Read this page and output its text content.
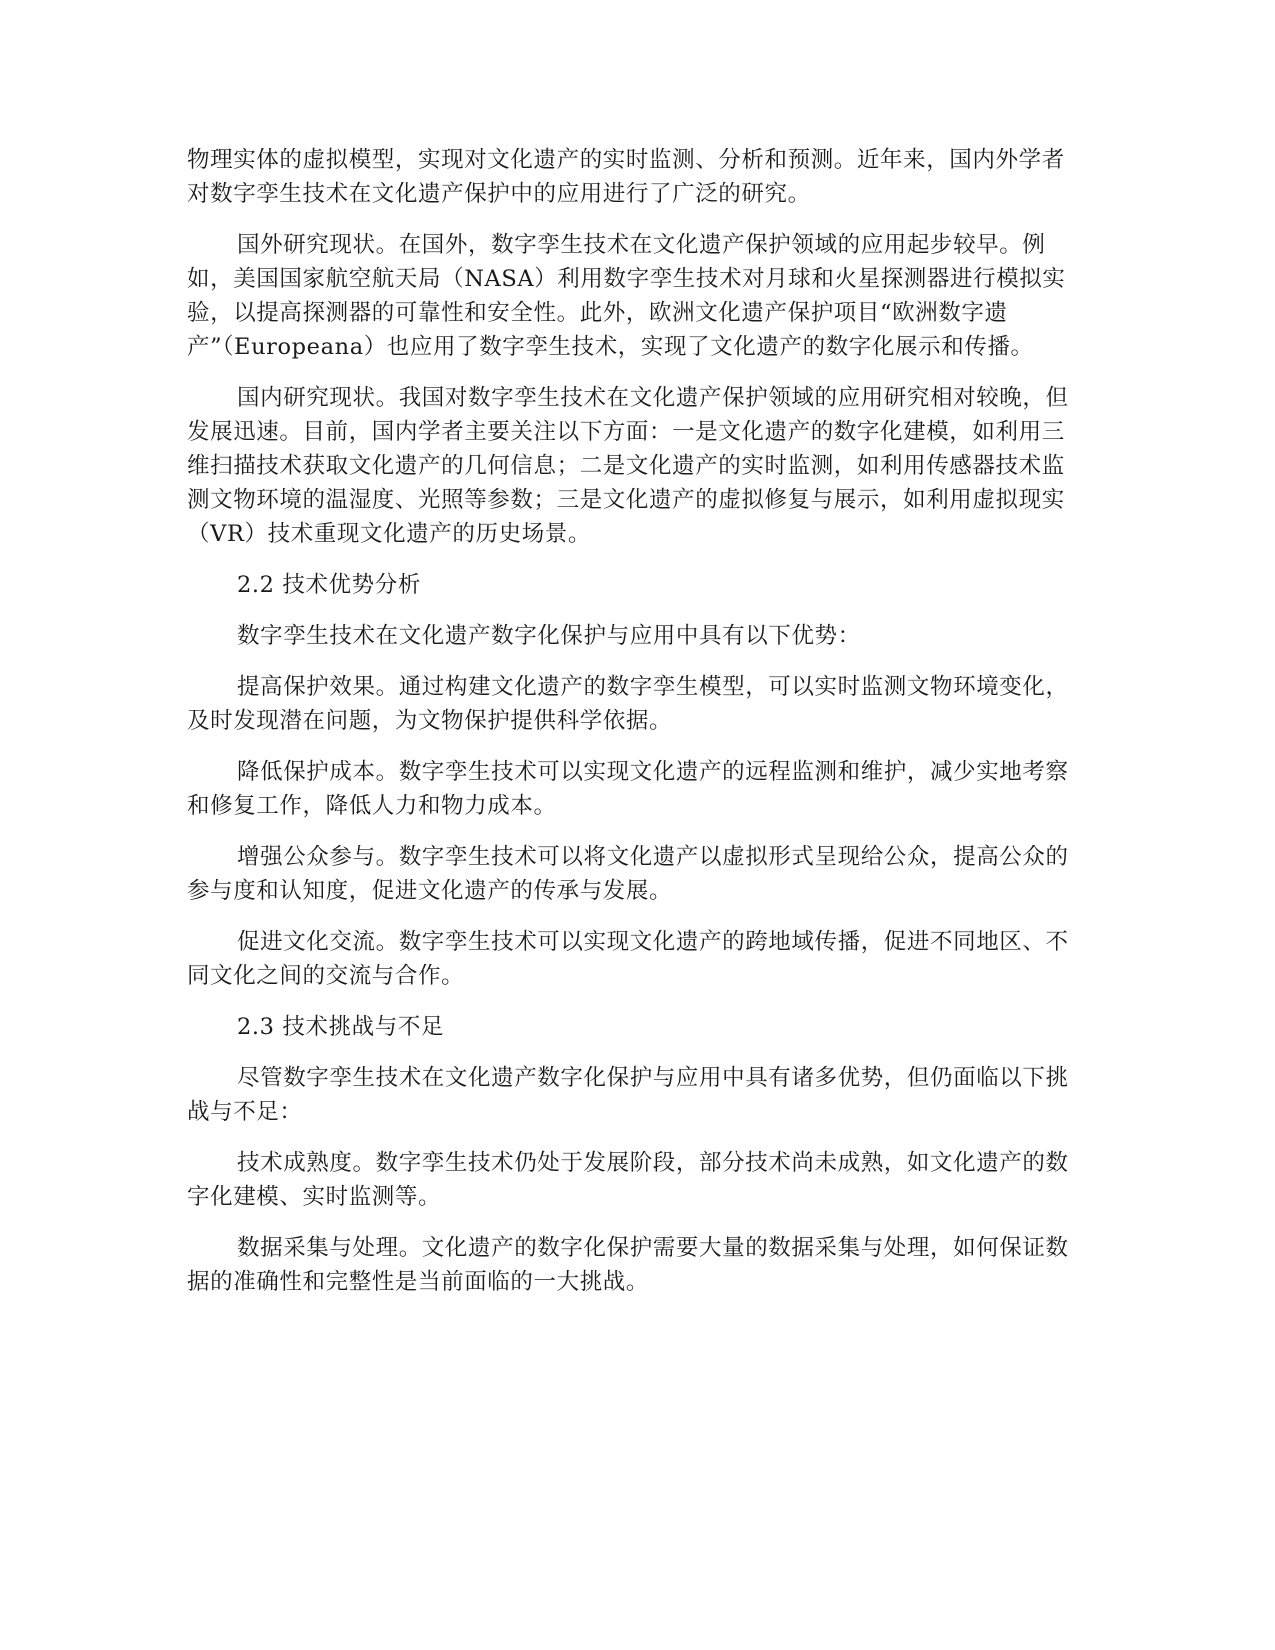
物理实体的虚拟模型，实现对文化遗产的实时监测、分析和预测。近年来，国内外学者对数字孪生技术在文化遗产保护中的应用进行了广泛的研究。

国外研究现状。在国外，数字孪生技术在文化遗产保护领域的应用起步较早。例如，美国国家航空航天局（NASA）利用数字孪生技术对月球和火星探测器进行模拟实验，以提高探测器的可靠性和安全性。此外，欧洲文化遗产保护项目“欧洲数字遗产”（Europeana）也应用了数字孪生技术，实现了文化遗产的数字化展示和传播。

国内研究现状。我国对数字孪生技术在文化遗产保护领域的应用研究相对较晚，但发展迅速。目前，国内学者主要关注以下方面：一是文化遗产的数字化建模，如利用三维扫描技术获取文化遗产的几何信息；二是文化遗产的实时监测，如利用传感器技术监测文物环境的温湿度、光照等参数；三是文化遗产的虚拟修复与展示，如利用虚拟现实（VR）技术重现文化遗产的历史场景。

2.2 技术优势分析

数字孪生技术在文化遗产数字化保护与应用中具有以下优势：

提高保护效果。通过构建文化遗产的数字孪生模型，可以实时监测文物环境变化，及时发现潜在问题，为文物保护提供科学依据。

降低保护成本。数字孪生技术可以实现文化遗产的远程监测和维护，减少实地考察和修复工作，降低人力和物力成本。

增强公众参与。数字孪生技术可以将文化遗产以虚拟形式呈现给公众，提高公众的参与度和认知度，促进文化遗产的传承与发展。

促进文化交流。数字孪生技术可以实现文化遗产的跨地域传播，促进不同地区、不同文化之间的交流与合作。

2.3 技术挑战与不足

尽管数字孪生技术在文化遗产数字化保护与应用中具有诸多优势，但仍面临以下挑战与不足：

技术成熟度。数字孪生技术仍处于发展阶段，部分技术尚未成熟，如文化遗产的数字化建模、实时监测等。

数据采集与处理。文化遗产的数字化保护需要大量的数据采集与处理，如何保证数据的准确性和完整性是当前面临的一大挑战。
